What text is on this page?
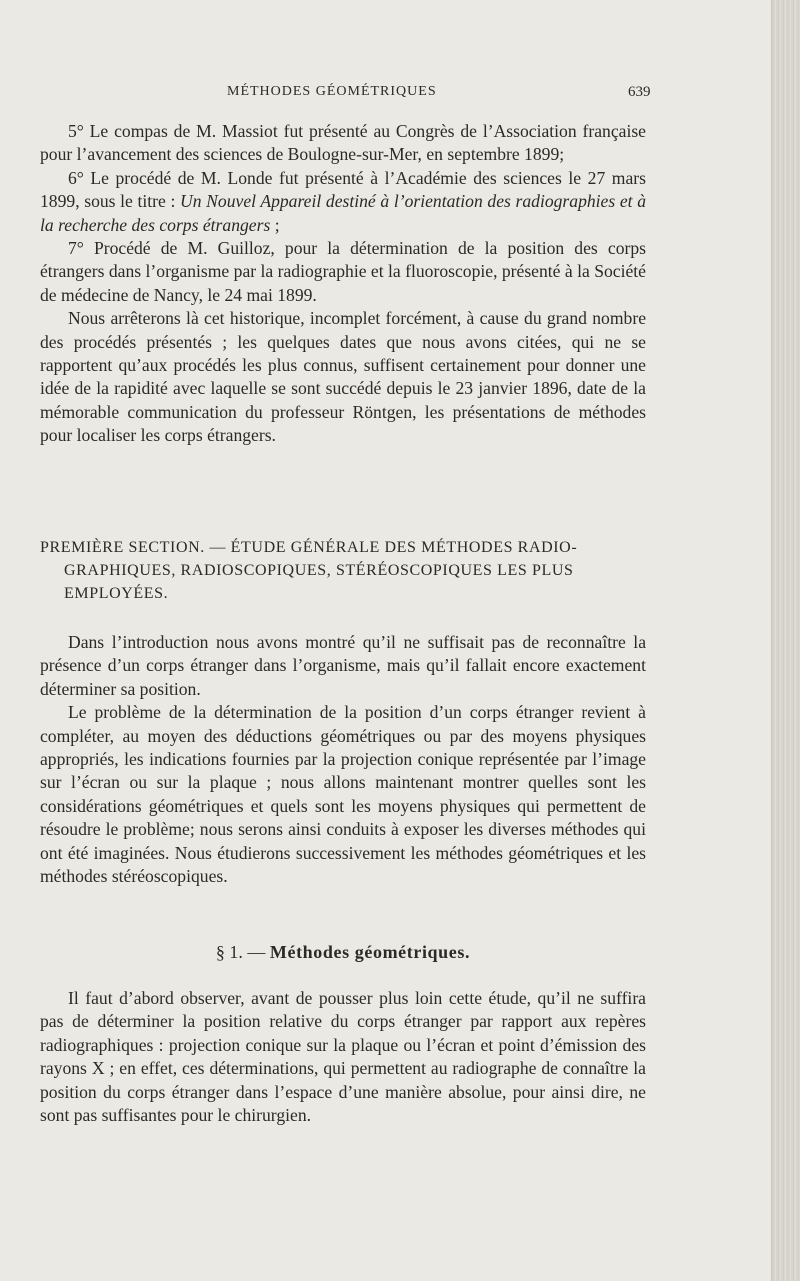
MÉTHODES GÉOMÉTRIQUES	639

5° Le compas de M. Massiot fut présenté au Congrès de l’Association française pour l’avancement des sciences de Boulogne-sur-Mer, en septembre 1899;

6° Le procédé de M. Londe fut présenté à l’Académie des sciences le 27 mars 1899, sous le titre : Un Nouvel Appareil destiné à l’orientation des radiographies et à la recherche des corps étrangers ;

7° Procédé de M. Guilloz, pour la détermination de la position des corps étrangers dans l’organisme par la radiographie et la fluoroscopie, présenté à la Société de médecine de Nancy, le 24 mai 1899.

Nous arrêterons là cet historique, incomplet forcément, à cause du grand nombre des procédés présentés ; les quelques dates que nous avons citées, qui ne se rapportent qu’aux procédés les plus connus, suffisent certainement pour donner une idée de la rapidité avec laquelle se sont succédé depuis le 23 janvier 1896, date de la mémorable communication du professeur Röntgen, les présentations de méthodes pour localiser les corps étrangers.

PREMIÈRE SECTION. — ÉTUDE GÉNÉRALE DES MÉTHODES RADIO-
GRAPHIQUES, RADIOSCOPIQUES, STÉRÉOSCOPIQUES LES PLUS EMPLOYÉES.

Dans l’introduction nous avons montré qu’il ne suffisait pas de reconnaître la présence d’un corps étranger dans l’organisme, mais qu’il fallait encore exactement déterminer sa position.

Le problème de la détermination de la position d’un corps étranger revient à compléter, au moyen des déductions géométriques ou par des moyens physiques appropriés, les indications fournies par la projection conique représentée par l’image sur l’écran ou sur la plaque ; nous allons maintenant montrer quelles sont les considérations géométriques et quels sont les moyens physiques qui permettent de résoudre le problème; nous serons ainsi conduits à exposer les diverses méthodes qui ont été imaginées. Nous étudierons successivement les méthodes géométriques et les méthodes stéréoscopiques.

§ 1. — Méthodes géométriques.

Il faut d’abord observer, avant de pousser plus loin cette étude, qu’il ne suffira pas de déterminer la position relative du corps étranger par rapport aux repères radiographiques : projection conique sur la plaque ou l’écran et point d’émission des rayons X ; en effet, ces déterminations, qui permettent au radiographe de connaître la position du corps étranger dans l’espace d’une manière absolue, pour ainsi dire, ne sont pas suffisantes pour le chirurgien.
